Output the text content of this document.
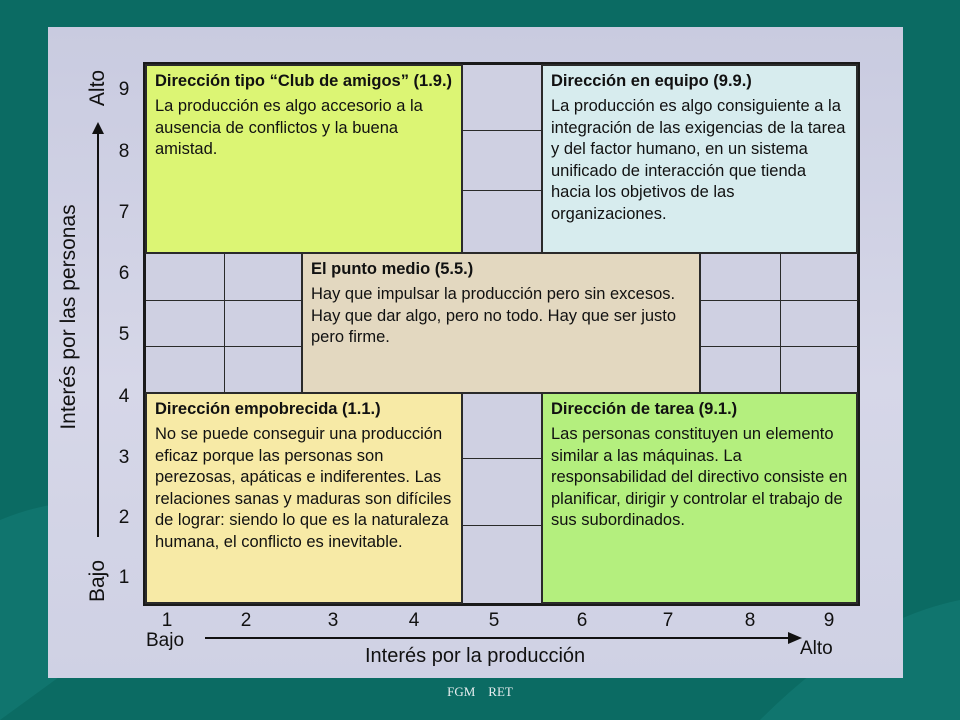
Interés por las personas
Alto
Bajo
9
8
7
6
5
4
3
2
1
Dirección tipo “Club de amigos” (1.9.)
La producción es algo accesorio a la ausencia de conflictos y la buena amistad.
Dirección en equipo (9.9.)
La producción es algo consiguiente a la integración de las exigencias de la tarea y del factor humano, en un sistema unificado de interacción que tienda hacia los objetivos de las organizaciones.
El punto medio (5.5.)
Hay que impulsar la producción pero sin excesos. Hay que dar algo, pero no todo. Hay que ser justo pero firme.
Dirección empobrecida (1.1.)
No se puede conseguir una producción eficaz porque las personas son perezosas, apáticas e indiferentes. Las relaciones sanas y maduras son difíciles de lograr: siendo lo que es la naturaleza humana, el conflicto es inevitable.
Dirección de tarea (9.1.)
Las personas constituyen un elemento similar a las máquinas. La responsabilidad del directivo consiste en planificar, dirigir y controlar el trabajo de sus subordinados.
1	2	3	4	5	6	7	8	9
Bajo
Interés por la producción	Alto
FGM    RET
